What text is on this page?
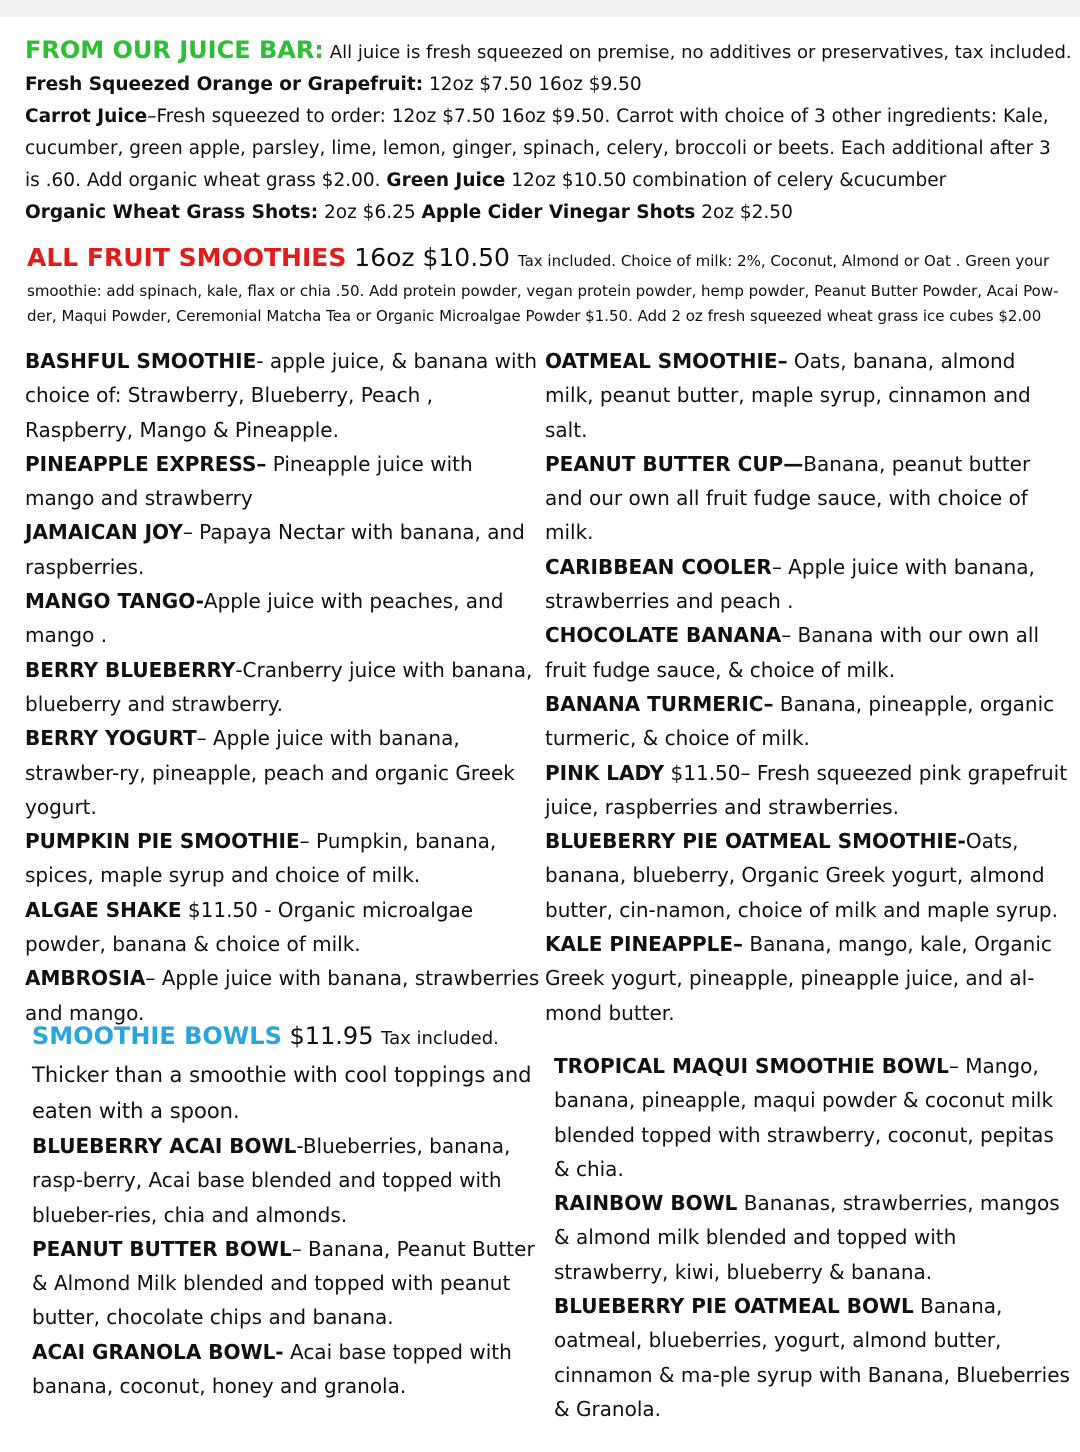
FROM OUR JUICE BAR: All juice is fresh squeezed on premise, no additives or preservatives, tax included.
Fresh Squeezed Orange or Grapefruit: 12oz $7.50 16oz $9.50
Carrot Juice–Fresh squeezed to order: 12oz $7.50 16oz $9.50. Carrot with choice of 3 other ingredients: Kale,
cucumber, green apple, parsley, lime, lemon, ginger, spinach, celery, broccoli or beets. Each additional after 3
is .60. Add organic wheat grass $2.00. Green Juice 12oz $10.50 combination of celery &cucumber
Organic Wheat Grass Shots: 2oz $6.25 Apple Cider Vinegar Shots 2oz $2.50
ALL FRUIT SMOOTHIES 16oz $10.50 Tax included. Choice of milk: 2%, Coconut, Almond or Oat . Green your
smoothie: add spinach, kale, flax or chia .50. Add protein powder, vegan protein powder, hemp powder, Peanut Butter Powder, Acai Pow-
der, Maqui Powder, Ceremonial Matcha Tea or Organic Microalgae Powder $1.50. Add 2 oz fresh squeezed wheat grass ice cubes $2.00

BASHFUL SMOOTHIE- apple juice, & banana with choice of: Strawberry, Blueberry, Peach , Raspberry, Mango & Pineapple.

PINEAPPLE EXPRESS– Pineapple juice with mango and strawberry

JAMAICAN JOY– Papaya Nectar with banana, and raspberries.

MANGO TANGO-Apple juice with peaches, and mango .

BERRY BLUEBERRY-Cranberry juice with banana, blueberry and strawberry.

BERRY YOGURT– Apple juice with banana, strawber-ry, pineapple, peach and organic Greek yogurt.

PUMPKIN PIE SMOOTHIE– Pumpkin, banana, spices, maple syrup and choice of milk.

ALGAE SHAKE $11.50 - Organic microalgae powder, banana & choice of milk.

AMBROSIA– Apple juice with banana, strawberries and mango.

OATMEAL SMOOTHIE– Oats, banana, almond milk, peanut butter, maple syrup, cinnamon and salt.

PEANUT BUTTER CUP—Banana, peanut butter and our own all fruit fudge sauce, with choice of milk.

CARIBBEAN COOLER– Apple juice with banana, strawberries and peach .

CHOCOLATE BANANA– Banana with our own all fruit fudge sauce, & choice of milk.

BANANA TURMERIC– Banana, pineapple, organic turmeric, & choice of milk.

PINK LADY $11.50– Fresh squeezed pink grapefruit juice, raspberries and strawberries.

BLUEBERRY PIE OATMEAL SMOOTHIE-Oats, banana, blueberry, Organic Greek yogurt, almond butter, cin-namon, choice of milk and maple syrup.

KALE PINEAPPLE– Banana, mango, kale, Organic Greek yogurt, pineapple, pineapple juice, and al-mond butter.

SMOOTHIE BOWLS $11.95 Tax included.
Thicker than a smoothie with cool toppings and eaten with a spoon.

BLUEBERRY ACAI BOWL-Blueberries, banana, rasp-berry, Acai base blended and topped with blueber-ries, chia and almonds.

PEANUT BUTTER BOWL– Banana, Peanut Butter & Almond Milk blended and topped with peanut butter, chocolate chips and banana.

ACAI GRANOLA BOWL- Acai base topped with banana, coconut, honey and granola.

TROPICAL MAQUI SMOOTHIE BOWL– Mango, banana, pineapple, maqui powder & coconut milk blended topped with strawberry, coconut, pepitas & chia.

RAINBOW BOWL Bananas, strawberries, mangos & almond milk blended and topped with strawberry, kiwi, blueberry & banana.

BLUEBERRY PIE OATMEAL BOWL Banana, oatmeal, blueberries, yogurt, almond butter, cinnamon & ma-ple syrup with Banana, Blueberries & Granola.
